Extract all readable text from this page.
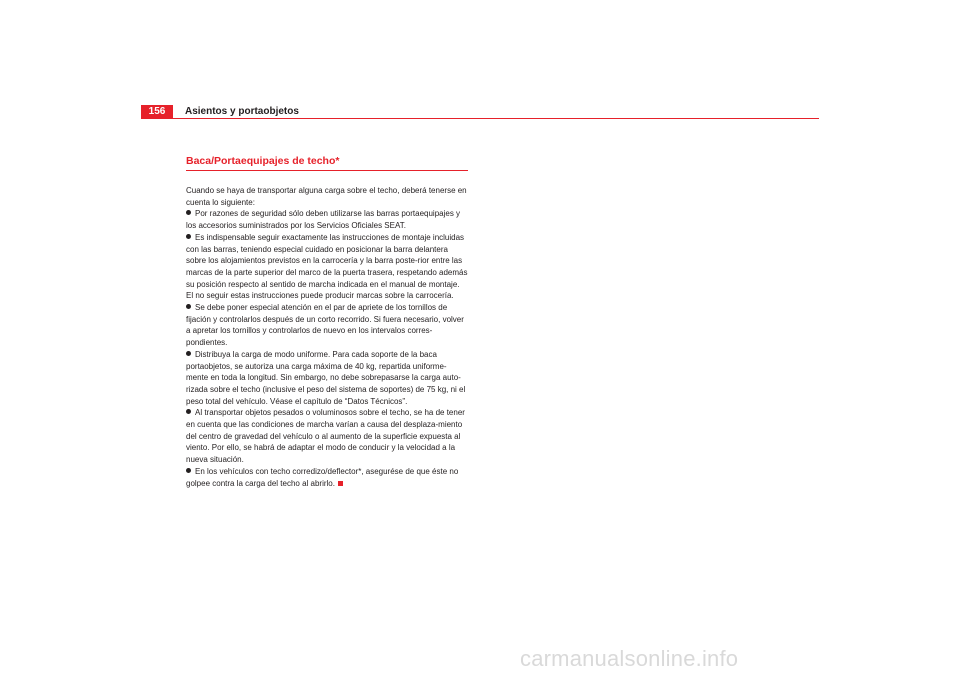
156	Asientos y portaobjetos
Baca/Portaequipajes de techo*

Cuando se haya de transportar alguna carga sobre el techo, deberá tenerse en cuenta lo siguiente:

Por razones de seguridad sólo deben utilizarse las barras portaequipajes y los accesorios suministrados por los Servicios Oficiales SEAT.

Es indispensable seguir exactamente las instrucciones de montaje incluidas con las barras, teniendo especial cuidado en posicionar la barra delantera sobre los alojamientos previstos en la carrocería y la barra poste-rior entre las marcas de la parte superior del marco de la puerta trasera, respetando además su posición respecto al sentido de marcha indicada en el manual de montaje. El no seguir estas instrucciones puede producir marcas sobre la carrocería.

Se debe poner especial atención en el par de apriete de los tornillos de fijación y controlarlos después de un corto recorrido. Si fuera necesario, volver a apretar los tornillos y controlarlos de nuevo en los intervalos corres-pondientes.

Distribuya la carga de modo uniforme. Para cada soporte de la baca portaobjetos, se autoriza una carga máxima de 40 kg, repartida uniforme-mente en toda la longitud. Sin embargo, no debe sobrepasarse la carga auto-rizada sobre el techo (inclusive el peso del sistema de soportes) de 75 kg, ni el peso total del vehículo. Véase el capítulo de “Datos Técnicos”.

Al transportar objetos pesados o voluminosos sobre el techo, se ha de tener en cuenta que las condiciones de marcha varían a causa del desplaza-miento del centro de gravedad del vehículo o al aumento de la superficie expuesta al viento. Por ello, se habrá de adaptar el modo de conducir y la velocidad a la nueva situación.

En los vehículos con techo corredizo/deflector*, asegurése de que éste no golpee contra la carga del techo al abrirlo.

carmanualsonline.info
